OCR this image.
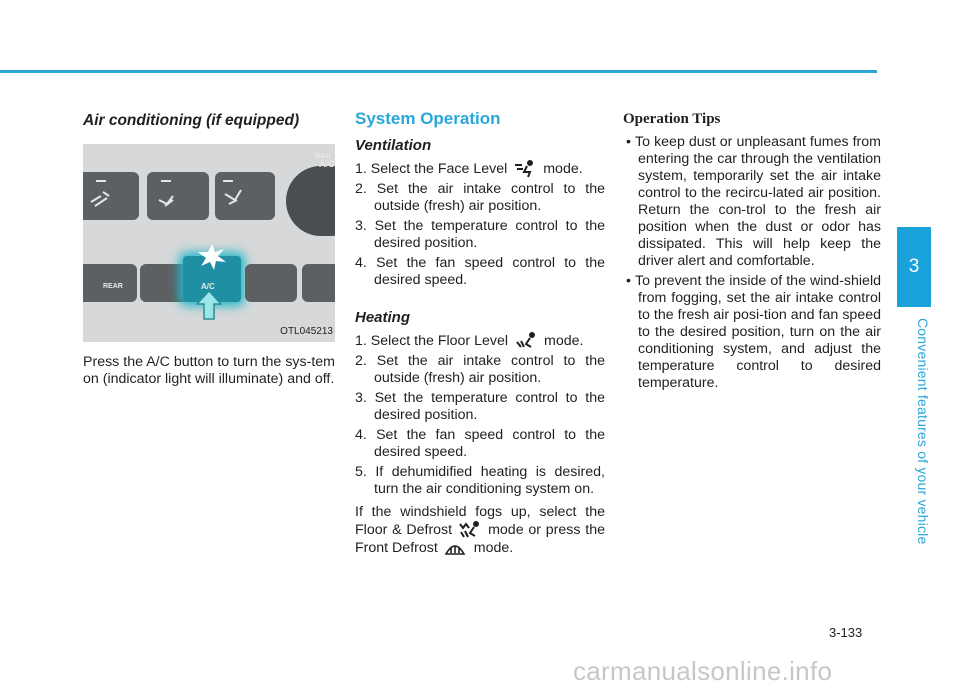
3
Convenient features of your vehicle
3-133
carmanualsonline.info

Air conditioning (if equipped)

MAX
A/C
REAR	A/C
OTL045213

Press the A/C button to turn the sys-tem on (indicator light will illuminate) and off.

System Operation

Ventilation

1. Select the Face Level	mode.

2. Set the air intake control to the outside (fresh) air position.

3. Set the temperature control to the desired position.

4. Set the fan speed control to the desired speed.

Heating

1. Select the Floor Level	mode.

2. Set the air intake control to the outside (fresh) air position.

3. Set the temperature control to the desired position.

4. Set the fan speed control to the desired speed.

5. If dehumidified heating is desired, turn the air conditioning system on.

If the windshield fogs up, select the Floor & Defrost	mode or press the Front Defrost	mode.

Operation Tips

• To keep dust or unpleasant fumes from entering the car through the ventilation system, temporarily set the air intake control to the recircu-lated air position. Return the con-trol to the fresh air position when the dust or odor has dissipated. This will help keep the driver alert and comfortable.

• To prevent the inside of the wind-shield from fogging, set the air intake control to the fresh air posi-tion and fan speed to the desired position, turn on the air conditioning system, and adjust the temperature control to desired temperature.
